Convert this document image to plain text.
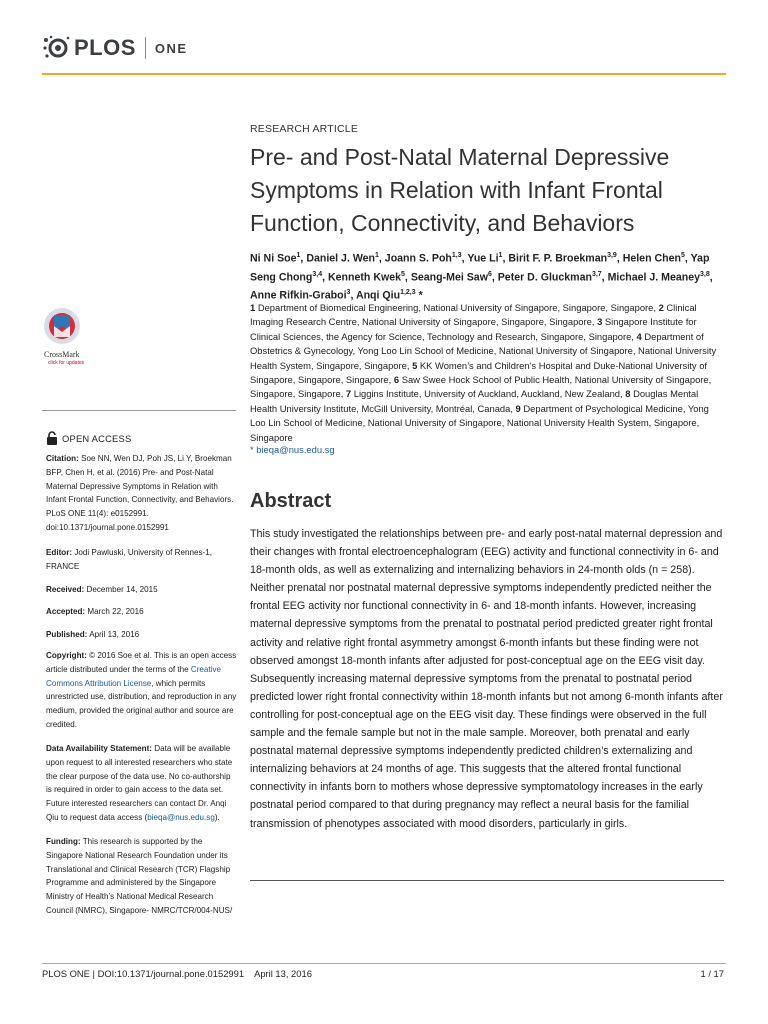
PLOS ONE
RESEARCH ARTICLE
Pre- and Post-Natal Maternal Depressive Symptoms in Relation with Infant Frontal Function, Connectivity, and Behaviors
Ni Ni Soe$^1$, Daniel J. Wen$^1$, Joann S. Poh$^{1,3}$, Yue Li$^1$, Birit F. P. Broekman$^{3,9}$, Helen Chen$^5$, Yap Seng Chong$^{3,4}$, Kenneth Kwek$^5$, Seang-Mei Saw$^6$, Peter D. Gluckman$^{3,7}$, Michael J. Meaney$^{3,8}$, Anne Rifkin-Graboi$^3$, Anqi Qiu$^{1,2,3}$ *
1 Department of Biomedical Engineering, National University of Singapore, Singapore, Singapore, 2 Clinical Imaging Research Centre, National University of Singapore, Singapore, Singapore, 3 Singapore Institute for Clinical Sciences, the Agency for Science, Technology and Research, Singapore, Singapore, 4 Department of Obstetrics & Gynecology, Yong Loo Lin School of Medicine, National University of Singapore, National University Health System, Singapore, Singapore, 5 KK Women’s and Children’s Hospital and Duke-National University of Singapore, Singapore, Singapore, 6 Saw Swee Hock School of Public Health, National University of Singapore, Singapore, Singapore, 7 Liggins Institute, University of Auckland, Auckland, New Zealand, 8 Douglas Mental Health University Institute, McGill University, Montréal, Canada, 9 Department of Psychological Medicine, Yong Loo Lin School of Medicine, National University of Singapore, National University Health System, Singapore, Singapore
* bieqa@nus.edu.sg
Abstract

This study investigated the relationships between pre- and early post-natal maternal depression and their changes with frontal electroencephalogram (EEG) activity and functional connectivity in 6- and 18-month olds, as well as externalizing and internalizing behaviors in 24-month olds (n = 258). Neither prenatal nor postnatal maternal depressive symptoms independently predicted neither the frontal EEG activity nor functional connectivity in 6- and 18-month infants. However, increasing maternal depressive symptoms from the prenatal to postnatal period predicted greater right frontal activity and relative right frontal asymmetry amongst 6-month infants but these finding were not observed amongst 18-month infants after adjusted for post-conceptual age on the EEG visit day. Subsequently increasing maternal depressive symptoms from the prenatal to postnatal period predicted lower right frontal connectivity within 18-month infants but not among 6-month infants after controlling for post-conceptual age on the EEG visit day. These findings were observed in the full sample and the female sample but not in the male sample. Moreover, both prenatal and early postnatal maternal depressive symptoms independently predicted children’s externalizing and internalizing behaviors at 24 months of age. This suggests that the altered frontal functional connectivity in infants born to mothers whose depressive symptomatology increases in the early postnatal period compared to that during pregnancy may reflect a neural basis for the familial transmission of phenotypes associated with mood disorders, particularly in girls.

CrossMark
click for updates
OPEN ACCESS
Citation: Soe NN, Wen DJ, Poh JS, Li Y, Broekman BFP, Chen H, et al. (2016) Pre- and Post-Natal Maternal Depressive Symptoms in Relation with Infant Frontal Function, Connectivity, and Behaviors. PLoS ONE 11(4): e0152991. doi:10.1371/journal.pone.0152991
Editor: Jodi Pawluski, University of Rennes-1, FRANCE
Received: December 14, 2015
Accepted: March 22, 2016
Published: April 13, 2016
Copyright: © 2016 Soe et al. This is an open access article distributed under the terms of the Creative Commons Attribution License, which permits unrestricted use, distribution, and reproduction in any medium, provided the original author and source are credited.
Data Availability Statement: Data will be available upon request to all interested researchers who state the clear purpose of the data use. No co-authorship is required in order to gain access to the data set. Future interested researchers can contact Dr. Anqi Qiu to request data access (bieqa@nus.edu.sg).
Funding: This research is supported by the Singapore National Research Foundation under its Translational and Clinical Research (TCR) Flagship Programme and administered by the Singapore Ministry of Health’s National Medical Research Council (NMRC), Singapore- NMRC/TCR/004-NUS/
PLOS ONE | DOI:10.1371/journal.pone.0152991 April 13, 2016	1 / 17
